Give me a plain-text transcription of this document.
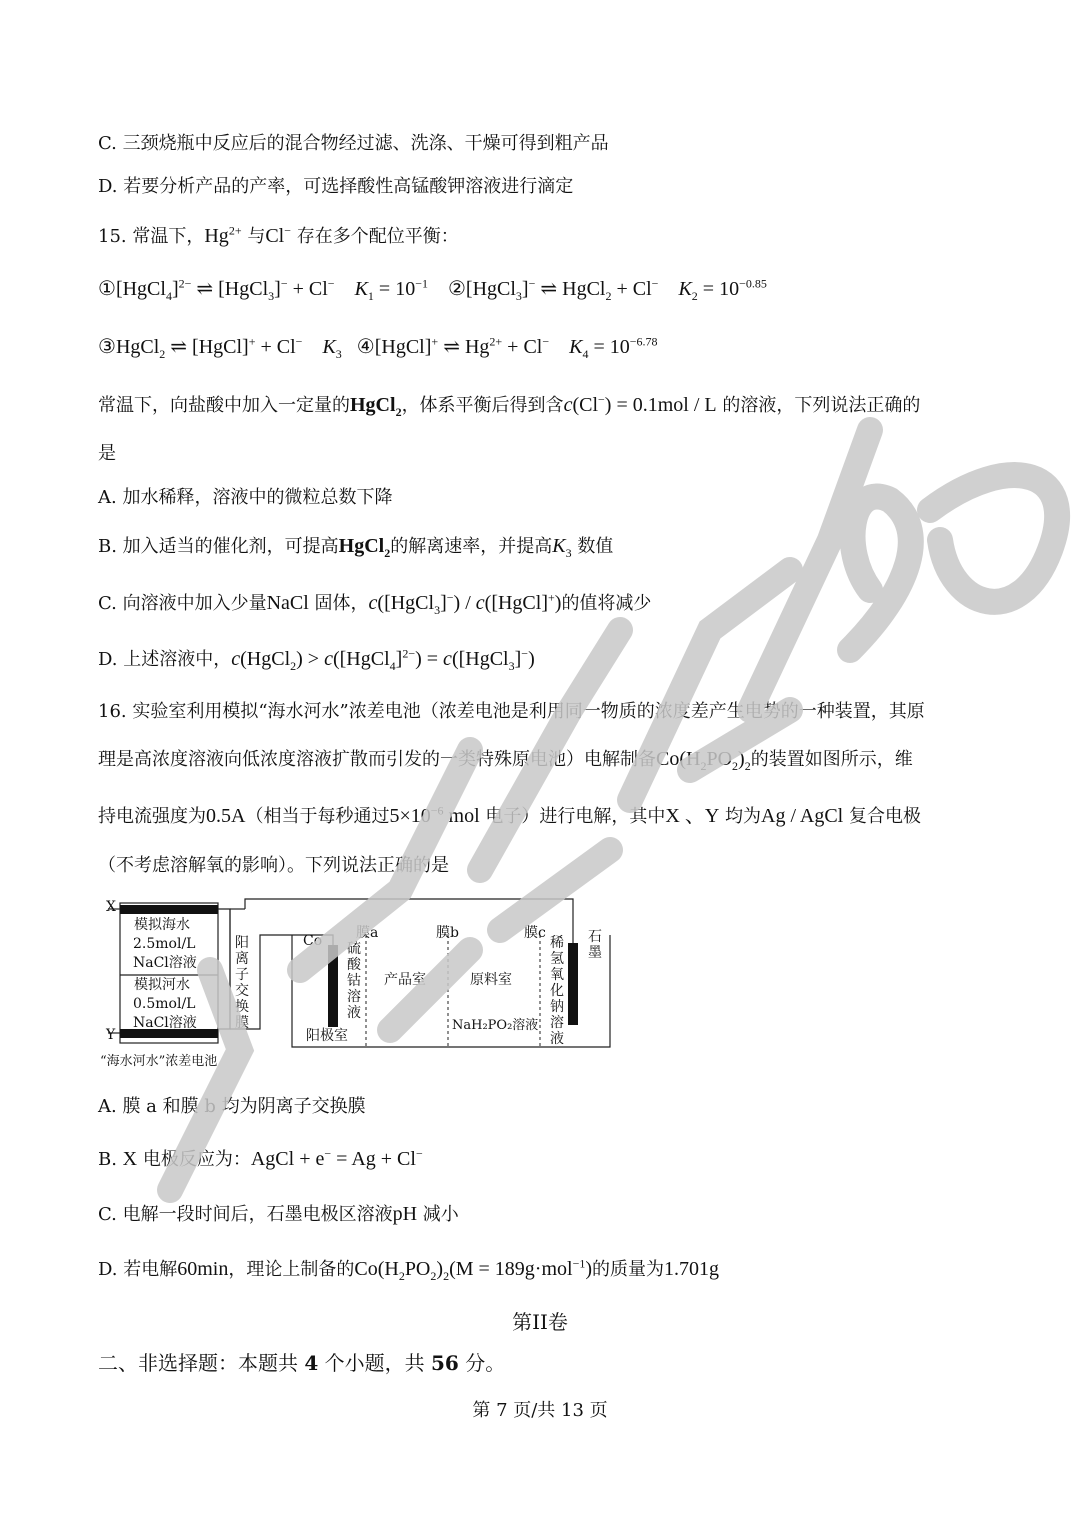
C. 三颈烧瓶中反应后的混合物经过滤、洗涤、干燥可得到粗产品
D. 若要分析产品的产率，可选择酸性高锰酸钾溶液进行滴定
15. 常温下，$Hg^{2+}$ 与Cl− 存在多个配位平衡：
①[HgCl$_4$]$^{2-}$ ⇌ [HgCl$_3$]− + Cl− $K_1 = 10^{-1}$ ②[HgCl$_3$]− ⇌ HgCl$_2$ + Cl− $K_2 = 10^{-0.85}$
③HgCl$_2$ ⇌ [HgCl]+ + Cl− $K_3$ ④[HgCl]+ ⇌ $Hg^{2+} + Cl^-$ $K_4 = 10^{-6.78}$
常温下，向盐酸中加入一定量的HgCl$_2$，体系平衡后得到含c(Cl−) = 0.1mol / L 的溶液，下列说法正确的
是
A. 加水稀释，溶液中的微粒总数下降
B. 加入适当的催化剂，可提高HgCl$_2$的解离速率，并提高$K_3$ 数值
C. 向溶液中加入少量NaCl 固体，c([HgCl$_3$]−) / c([HgCl]+)的值将减少
D. 上述溶液中，c(HgCl$_2$) > c([HgCl$_4$]$^{2-}$) = c([HgCl$_3$]−)
16. 实验室利用模拟“海水河水”浓差电池（浓差电池是利用同一物质的浓度差产生电势的一种装置，其原
理是高浓度溶液向低浓度溶液扩散而引发的一类特殊原电池）电解制备$Co(H_2PO_2)_2$的装置如图所示，维
持电流强度为0.5A（相当于每秒通过$5\times 10^{-6}$ mol 电子）进行电解，其中X 、Y 均为Ag / AgCl 复合电极
（不考虑溶解氧的影响）。下列说法正确的是
X
Y
模拟海水
2.5mol/L
NaCl溶液
模拟河水
0.5mol/L
NaCl溶液
阳离子交换膜
“海水河水”浓差电池
Co 硫酸钴溶液
阳极室
膜a	膜b	膜c
产品室	原料室
NaH₂PO₂溶液
稀氢氧化钠溶液
石墨
A. 膜 a 和膜 b 均为阴离子交换膜
B. X 电极反应为：AgCl + e− = Ag + Cl−
C. 电解一段时间后，石墨电极区溶液pH 减小
D. 若电解60min，理论上制备的$Co(H_2PO_2)_2(M = 189g\cdot mol^{-1})$的质量为1.701g
第II卷
二、非选择题：本题共 4 个小题，共 56 分。
第 7 页/共 13 页
